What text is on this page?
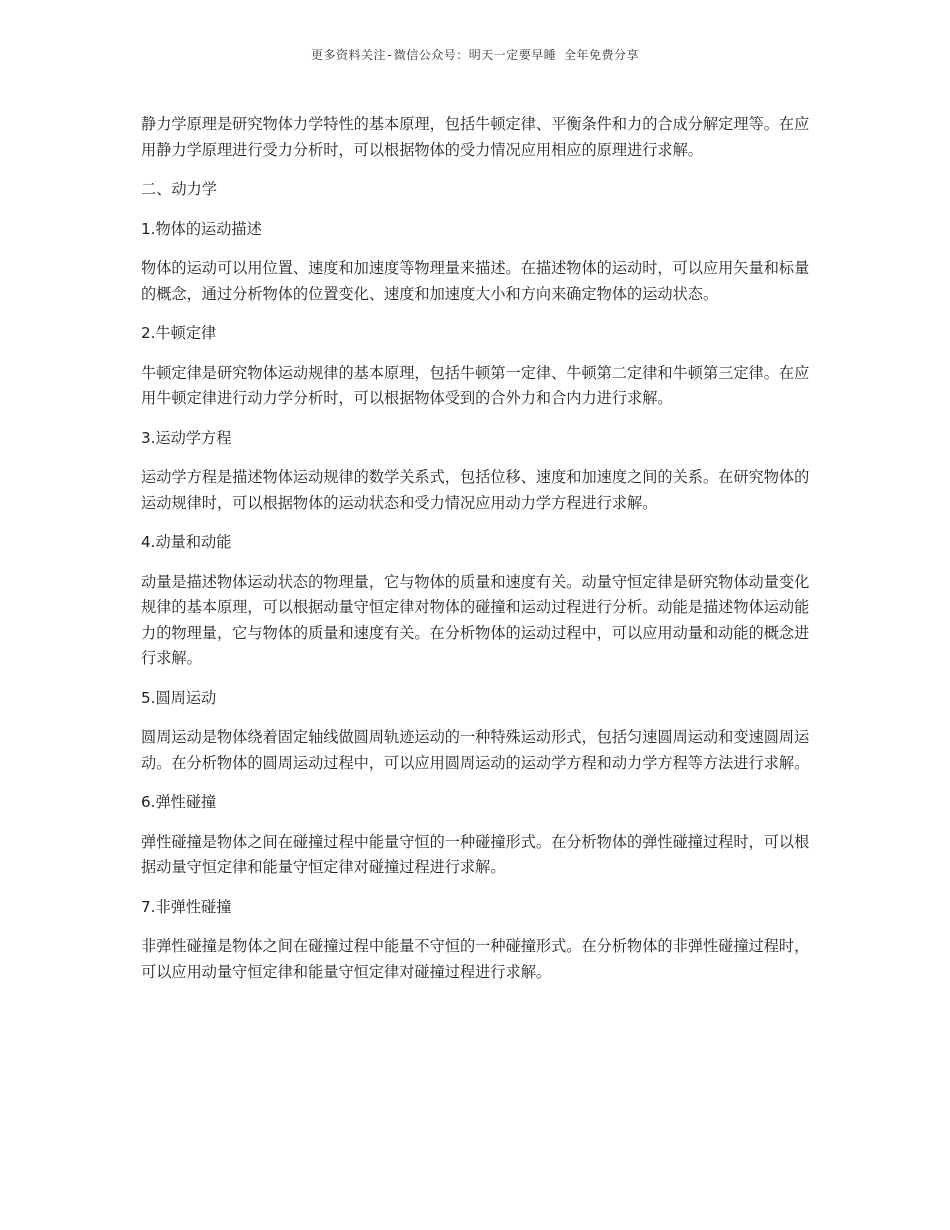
更多资料关注-微信公众号：明天一定要早睡 全年免费分享

静力学原理是研究物体力学特性的基本原理，包括牛顿定律、平衡条件和力的合成分解定理等。在应用静力学原理进行受力分析时，可以根据物体的受力情况应用相应的原理进行求解。

二、动力学

1.物体的运动描述

物体的运动可以用位置、速度和加速度等物理量来描述。在描述物体的运动时，可以应用矢量和标量的概念，通过分析物体的位置变化、速度和加速度大小和方向来确定物体的运动状态。

2.牛顿定律

牛顿定律是研究物体运动规律的基本原理，包括牛顿第一定律、牛顿第二定律和牛顿第三定律。在应用牛顿定律进行动力学分析时，可以根据物体受到的合外力和合内力进行求解。

3.运动学方程

运动学方程是描述物体运动规律的数学关系式，包括位移、速度和加速度之间的关系。在研究物体的运动规律时，可以根据物体的运动状态和受力情况应用动力学方程进行求解。

4.动量和动能

动量是描述物体运动状态的物理量，它与物体的质量和速度有关。动量守恒定律是研究物体动量变化规律的基本原理，可以根据动量守恒定律对物体的碰撞和运动过程进行分析。动能是描述物体运动能力的物理量，它与物体的质量和速度有关。在分析物体的运动过程中，可以应用动量和动能的概念进行求解。

5.圆周运动

圆周运动是物体绕着固定轴线做圆周轨迹运动的一种特殊运动形式，包括匀速圆周运动和变速圆周运动。在分析物体的圆周运动过程中，可以应用圆周运动的运动学方程和动力学方程等方法进行求解。

6.弹性碰撞

弹性碰撞是物体之间在碰撞过程中能量守恒的一种碰撞形式。在分析物体的弹性碰撞过程时，可以根据动量守恒定律和能量守恒定律对碰撞过程进行求解。

7.非弹性碰撞

非弹性碰撞是物体之间在碰撞过程中能量不守恒的一种碰撞形式。在分析物体的非弹性碰撞过程时，可以应用动量守恒定律和能量守恒定律对碰撞过程进行求解。
